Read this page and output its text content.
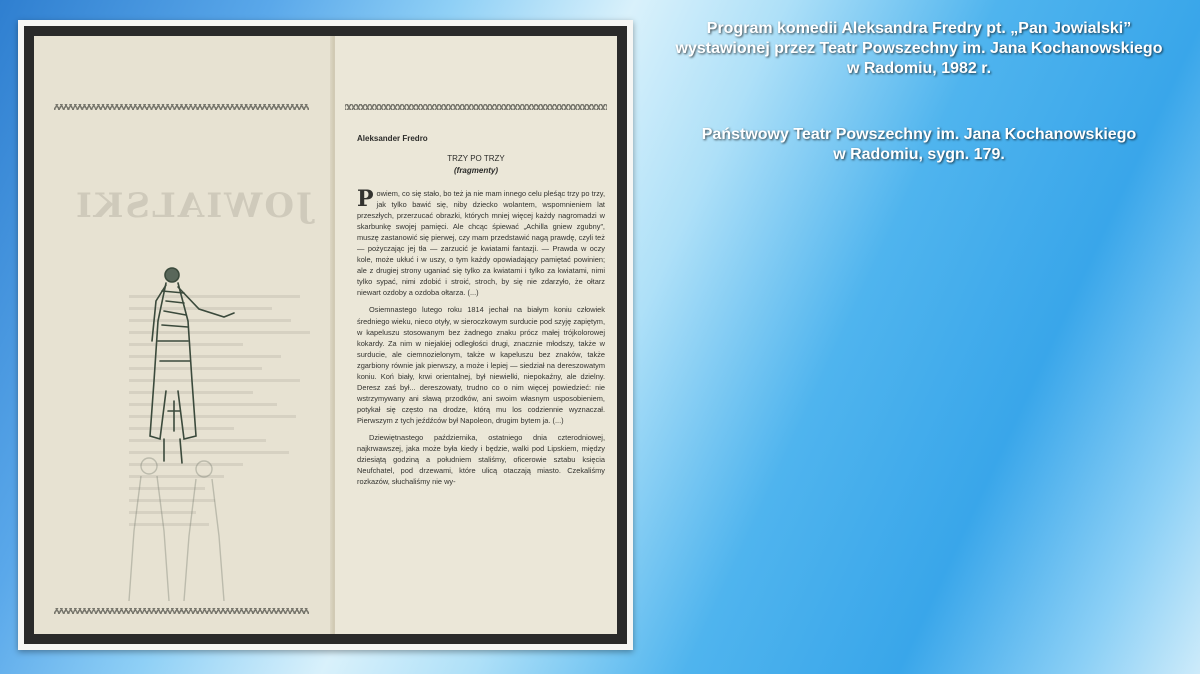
JOWIALSKI
Aleksander Fredro
TRZY PO TRZY
(fragmenty)

Powiem, co się stało, bo też ja nie mam innego celu pleśąc trzy po trzy, jak tylko bawić się, niby dziecko wolantem, wspomnieniem lat przeszłych, przerzucać obrazki, których mniej więcej każdy nagromadzi w skarbunkę swojej pamięci. Ale chcąc śpiewać „Achilla gniew zgubny”, muszę zastanowić się pierwej, czy mam przedstawić nagą prawdę, czyli też — pożyczając jej tła — zarzucić je kwiatami fantazji. — Prawda w oczy kole, może ukłuć i w uszy, o tym każdy opowiadający pamiętać powinien; ale z drugiej strony uganiać się tylko za kwiatami i tylko za kwiatami, nimi tylko sypać, nimi zdobić i stroić, stroch, by się nie zdarzyło, że ołtarz niewart ozdoby a ozdoba ołtarza. (...)

Osiemnastego lutego roku 1814 jechał na białym koniu człowiek średniego wieku, nieco otyły, w sieroczkowym surducie pod szyję zapiętym, w kapeluszu stosowanym bez żadnego znaku prócz małej trójkolorowej kokardy. Za nim w niejakiej odległości drugi, znacznie młodszy, także w surducie, ale ciemnozielonym, także w kapeluszu bez znaków, także zgarbiony równie jak pierwszy, a może i lepiej — siedział na dereszowatym koniu. Koń biały, krwi orientalnej, był niewielki, niepokaźny, ale dzielny. Deresz zaś był... dereszowaty, trudno co o nim więcej powiedzieć: nie wstrzymywany ani sławą przodków, ani swoim własnym usposobieniem, potykał się często na drodze, którą mu los codziennie wyznaczał. Pierwszym z tych jeźdźców był Napoleon, drugim bytem ja. (...)

Dziewiętnastego października, ostatniego dnia czterodniowej, najkrwawszej, jaka może była kiedy i będzie, walki pod Lipskiem, między dziesiątą godziną a południem staliśmy, oficerowie sztabu księcia Neufchatel, pod drzewami, które ulicą otaczają miasto. Czekaliśmy rozkazów, słuchaliśmy nie wy-

Program komedii Aleksandra Fredry pt. „Pan Jowialski”
wystawionej przez Teatr Powszechny im. Jana Kochanowskiego
w Radomiu, 1982 r.
Państwowy Teatr Powszechny im. Jana Kochanowskiego
w Radomiu, sygn. 179.
